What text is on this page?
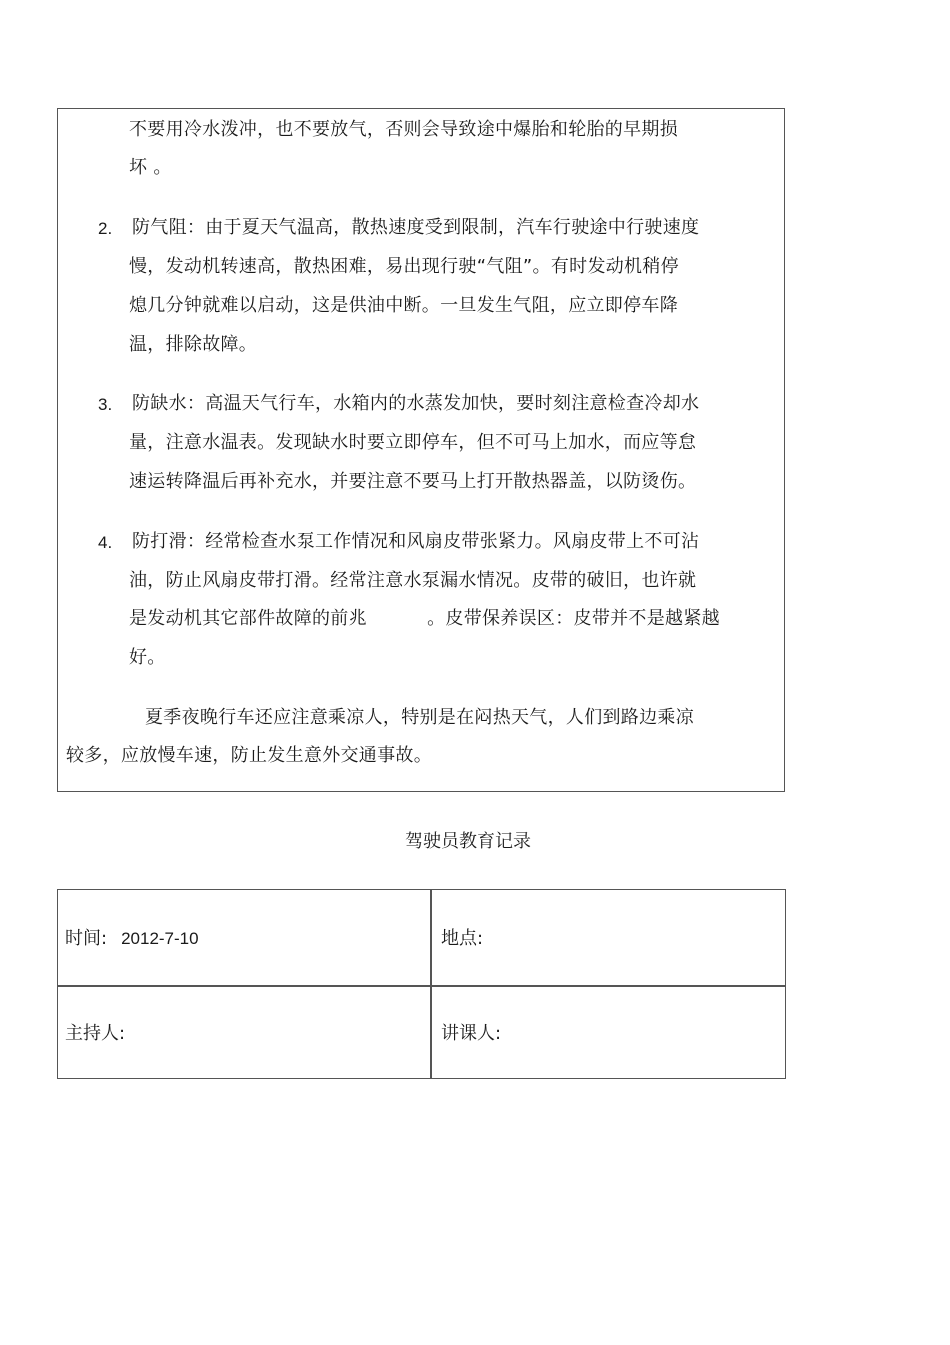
不要用冷水泼冲，也不要放气，否则会导致途中爆胎和轮胎的早期损
坏 。
2. 防气阻：由于夏天气温高，散热速度受到限制，汽车行驶途中行驶速度
慢，发动机转速高，散热困难，易出现行驶“气阻”。有时发动机稍停
熄几分钟就难以启动，这是供油中断。一旦发生气阻，应立即停车降
温，排除故障。
3. 防缺水：高温天气行车，水箱内的水蒸发加快，要时刻注意检查冷却水
量，注意水温表。发现缺水时要立即停车，但不可马上加水，而应等怠
速运转降温后再补充水，并要注意不要马上打开散热器盖，以防烫伤。
4. 防打滑：经常检查水泵工作情况和风扇皮带张紧力。风扇皮带上不可沾
油，防止风扇皮带打滑。经常注意水泵漏水情况。皮带的破旧，也许就
是发动机其它部件故障的前兆          。皮带保养误区：皮带并不是越紧越
好。
夏季夜晚行车还应注意乘凉人，特别是在闷热天气，人们到路边乘凉
较多，应放慢车速，防止发生意外交通事故。
驾驶员教育记录
时间: 2012-7-10	地点:
主持人:	讲课人:
